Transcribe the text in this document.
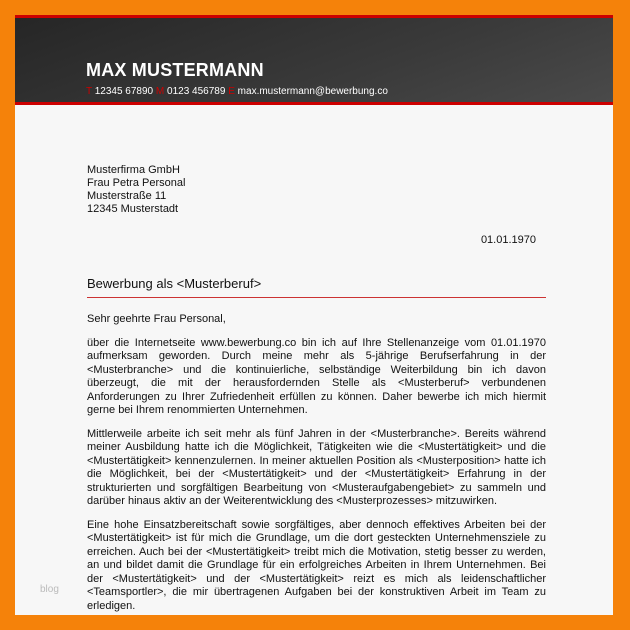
MAX MUSTERMANN
T 12345 67890 M 0123 456789 E max.mustermann@bewerbung.co
Musterfirma GmbH
Frau Petra Personal
Musterstraße 11
12345 Musterstadt
01.01.1970
Bewerbung als <Musterberuf>

Sehr geehrte Frau Personal,

über die Internetseite www.bewerbung.co bin ich auf Ihre Stellenanzeige vom 01.01.1970 aufmerksam geworden. Durch meine mehr als 5-jährige Berufserfahrung in der <Musterbranche> und die kontinuierliche, selbständige Weiterbildung bin ich davon überzeugt, die mit der herausfordernden Stelle als <Musterberuf> verbundenen Anforderungen zu Ihrer Zufriedenheit erfüllen zu können. Daher bewerbe ich mich hiermit gerne bei Ihrem renommierten Unternehmen.

Mittlerweile arbeite ich seit mehr als fünf Jahren in der <Musterbranche>. Bereits während meiner Ausbildung hatte ich die Möglichkeit, Tätigkeiten wie die <Mustertätigkeit> und die <Mustertätigkeit> kennenzulernen. In meiner aktuellen Position als <Musterposition> hatte ich die Möglichkeit, bei der <Mustertätigkeit> und der <Mustertätigkeit> Erfahrung in der strukturierten und sorgfältigen Bearbeitung von <Musteraufgabengebiet> zu sammeln und darüber hinaus aktiv an der Weiterentwicklung des <Musterprozesses> mitzuwirken.

Eine hohe Einsatzbereitschaft sowie sorgfältiges, aber dennoch effektives Arbeiten bei der <Mustertätigkeit> ist für mich die Grundlage, um die dort gesteckten Unternehmensziele zu erreichen. Auch bei der <Mustertätigkeit> treibt mich die Motivation, stetig besser zu werden, an und bildet damit die Grundlage für ein erfolgreiches Arbeiten in Ihrem Unternehmen. Bei der <Mustertätigkeit> und der <Mustertätigkeit> reizt es mich als leidenschaftlicher <Teamsportler>, die mir übertragenen Aufgaben bei der konstruktiven Arbeit im Team zu erledigen.

blog
